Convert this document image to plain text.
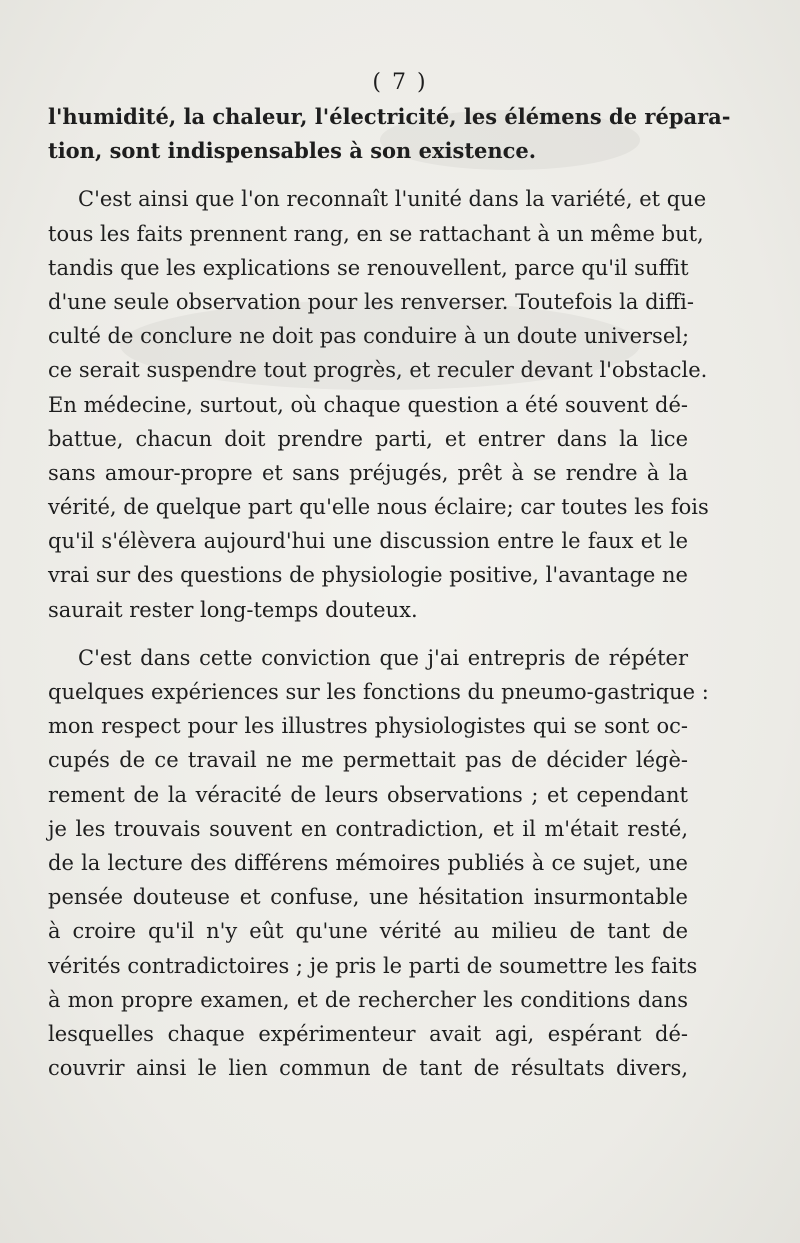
( 7 )
l'humidité, la chaleur, l'électricité, les élémens de répara-
tion, sont indispensables à son existence.
C'est ainsi que l'on reconnaît l'unité dans la variété, et que
tous les faits prennent rang, en se rattachant à un même but,
tandis que les explications se renouvellent, parce qu'il suffit
d'une seule observation pour les renverser. Toutefois la diffi-
culté de conclure ne doit pas conduire à un doute universel;
ce serait suspendre tout progrès, et reculer devant l'obstacle.
En médecine, surtout, où chaque question a été souvent dé-
battue, chacun doit prendre parti, et entrer dans la lice
sans amour-propre et sans préjugés, prêt à se rendre à la
vérité, de quelque part qu'elle nous éclaire; car toutes les fois
qu'il s'élèvera aujourd'hui une discussion entre le faux et le
vrai sur des questions de physiologie positive, l'avantage ne
saurait rester long-temps douteux.
C'est dans cette conviction que j'ai entrepris de répéter
quelques expériences sur les fonctions du pneumo-gastrique :
mon respect pour les illustres physiologistes qui se sont oc-
cupés de ce travail ne me permettait pas de décider légè-
rement de la véracité de leurs observations ; et cependant
je les trouvais souvent en contradiction, et il m'était resté,
de la lecture des différens mémoires publiés à ce sujet, une
pensée douteuse et confuse, une hésitation insurmontable
à croire qu'il n'y eût qu'une vérité au milieu de tant de
vérités contradictoires ; je pris le parti de soumettre les faits
à mon propre examen, et de rechercher les conditions dans
lesquelles chaque expérimenteur avait agi, espérant dé-
couvrir ainsi le lien commun de tant de résultats divers,
